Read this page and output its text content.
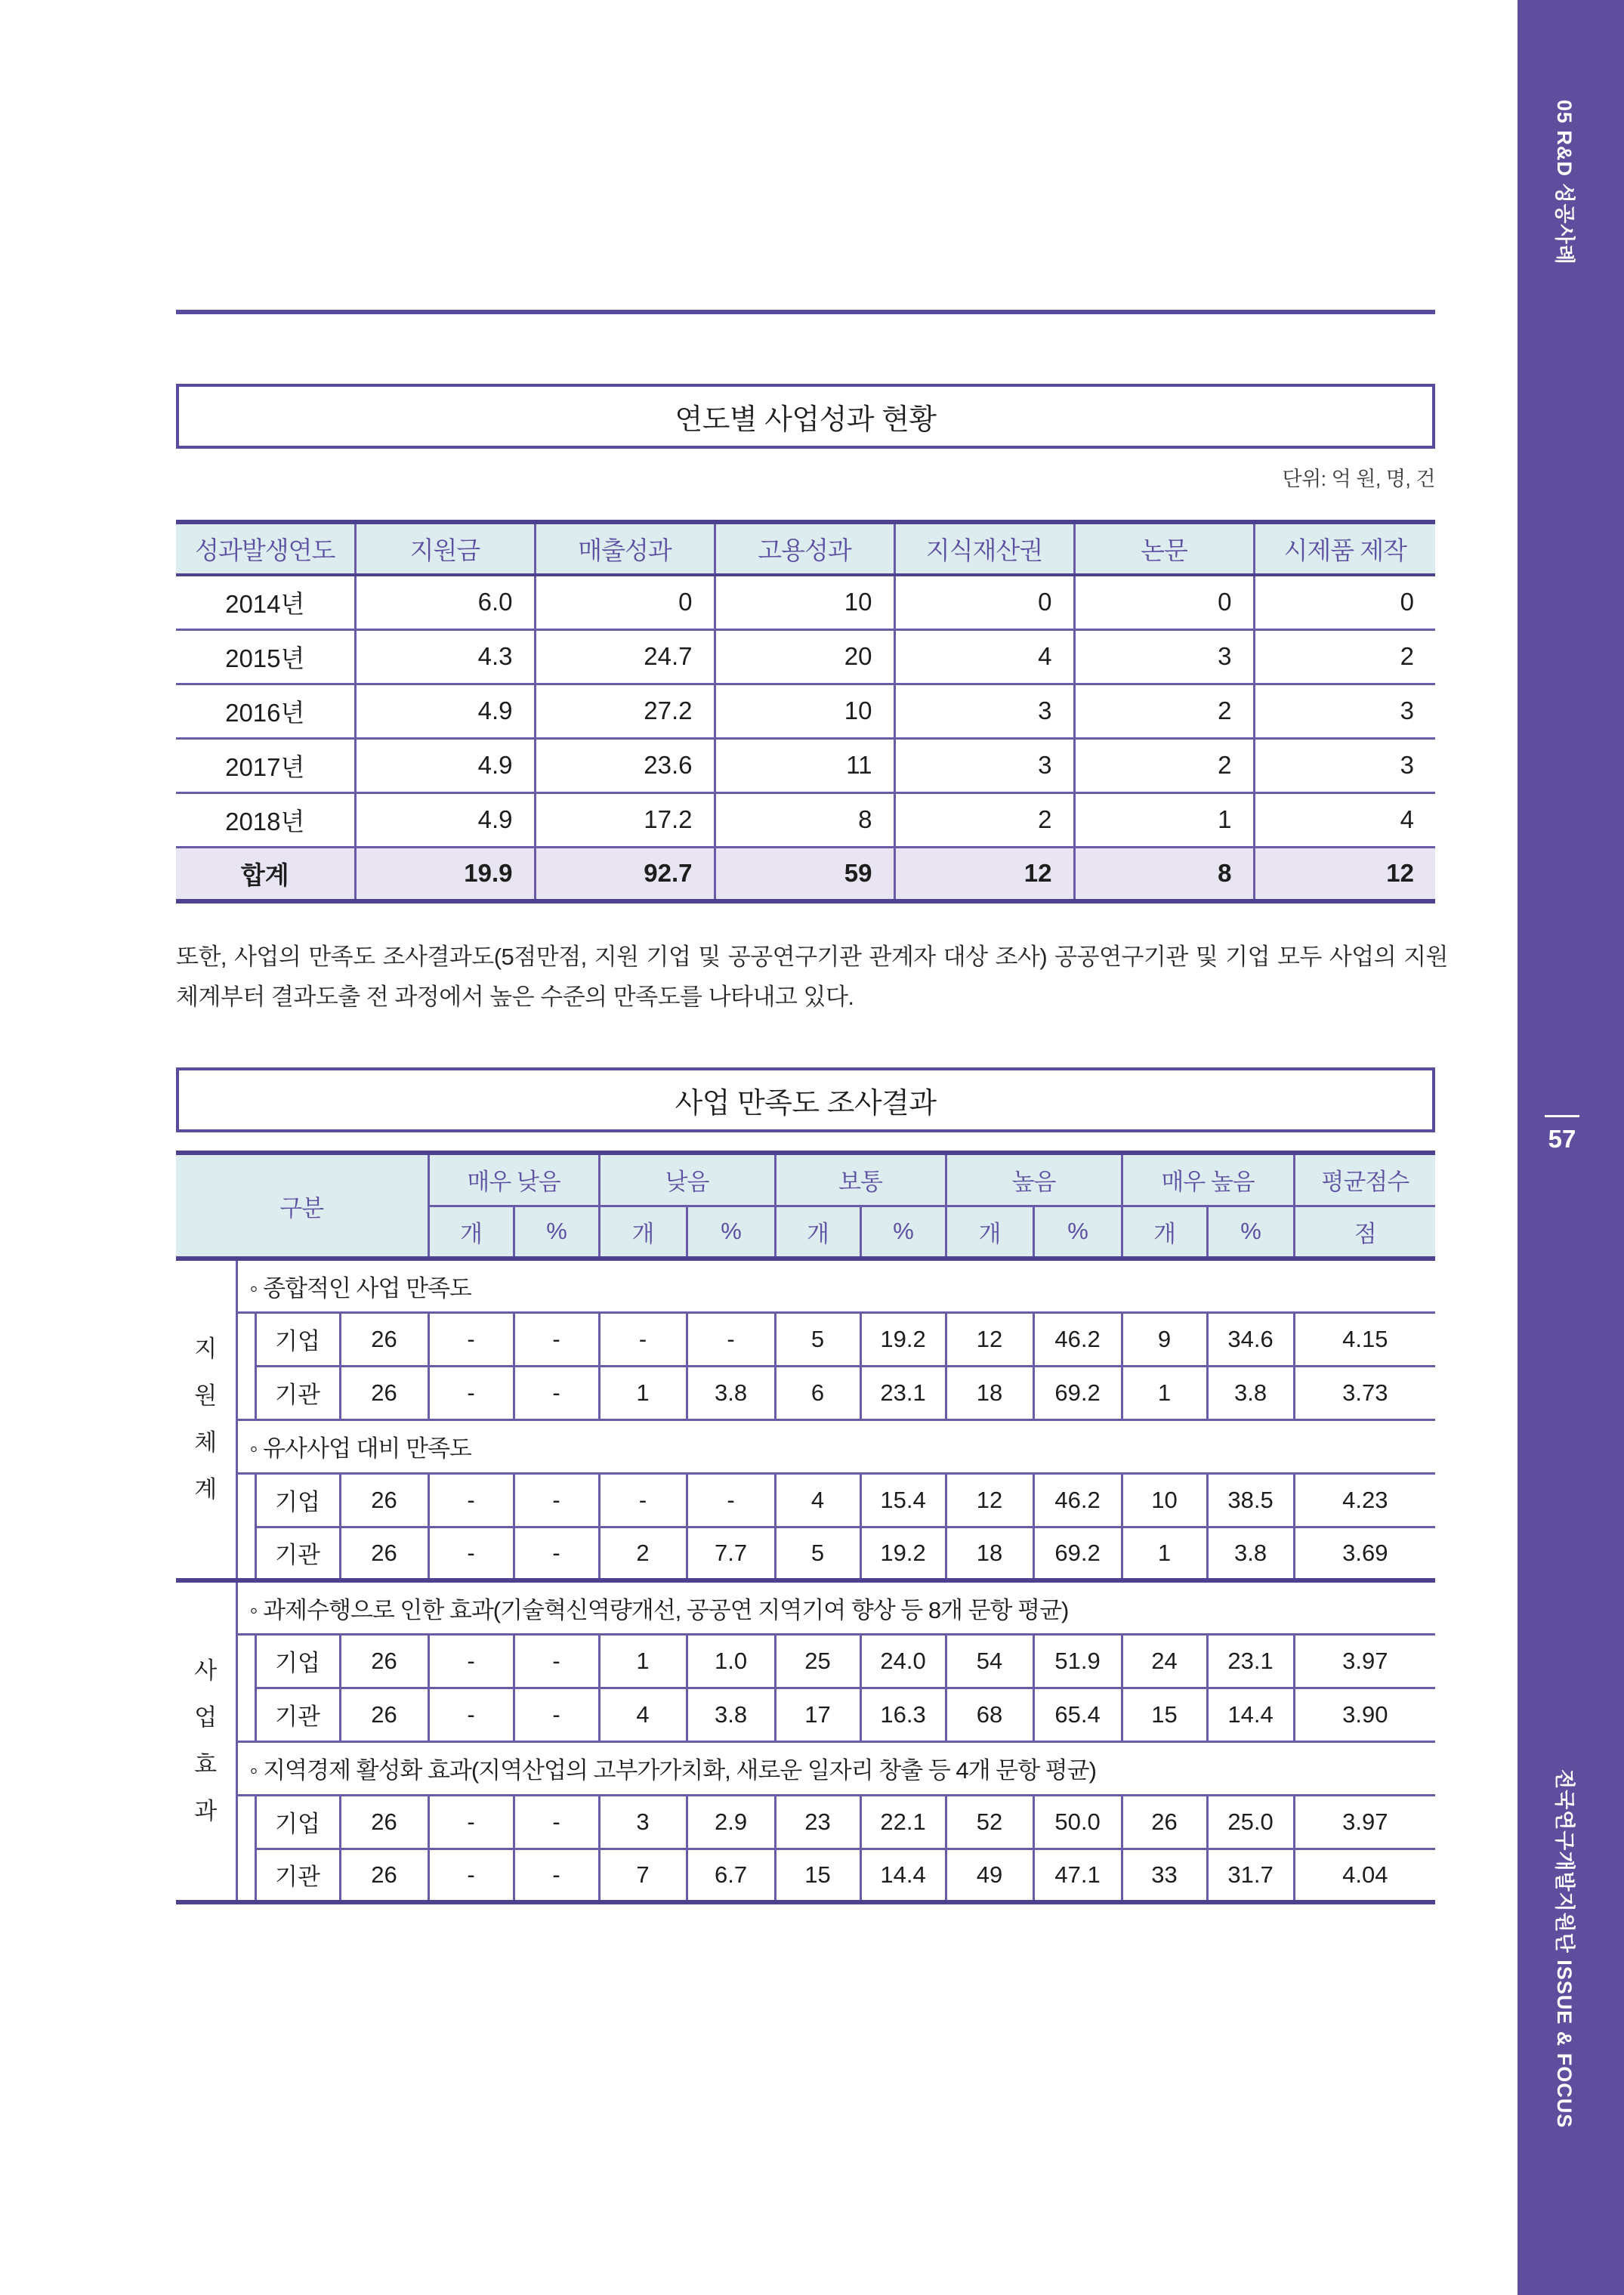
05 R&D 성공사례
57
전국연구개발지원단 ISSUE & FOCUS
연도별 사업성과 현황
단위: 억 원, 명, 건
성과발생연도	지원금	매출성과	고용성과	지식재산권	논문	시제품 제작
2014년	6.0	0	10	0	0	0
2015년	4.3	24.7	20	4	3	2
2016년	4.9	27.2	10	3	2	3
2017년	4.9	23.6	11	3	2	3
2018년	4.9	17.2	8	2	1	4
합계	19.9	92.7	59	12	8	12
또한, 사업의 만족도 조사결과도(5점만점, 지원 기업 및 공공연구기관 관계자 대상 조사) 공공연구기관 및 기업 모두 사업의 지원체계부터 결과도출 전 과정에서 높은 수준의 만족도를 나타내고 있다.
사업 만족도 조사결과
구분				매우 낮음		낮음		보통		높음		매우 높음		평균점수
				개	%	개	%	개	%	개	%	개	%	점

지원체계	◦ 종합적인 사업 만족도													
		기업	26	-	-	-	-	5	19.2	12	46.2	9	34.6	4.15
		기관	26	-	-	1	3.8	6	23.1	18	69.2	1	3.8	3.73
	◦ 유사사업 대비 만족도													
		기업	26	-	-	-	-	4	15.4	12	46.2	10	38.5	4.23
		기관	26	-	-	2	7.7	5	19.2	18	69.2	1	3.8	3.69

사업효과	◦ 과제수행으로 인한 효과(기술혁신역량개선, 공공연 지역기여 향상 등 8개 문항 평균)													
		기업	26	-	-	1	1.0	25	24.0	54	51.9	24	23.1	3.97
		기관	26	-	-	4	3.8	17	16.3	68	65.4	15	14.4	3.90
	◦ 지역경제 활성화 효과(지역산업의 고부가가치화, 새로운 일자리 창출 등 4개 문항 평균)													
		기업	26	-	-	3	2.9	23	22.1	52	50.0	26	25.0	3.97
		기관	26	-	-	7	6.7	15	14.4	49	47.1	33	31.7	4.04
